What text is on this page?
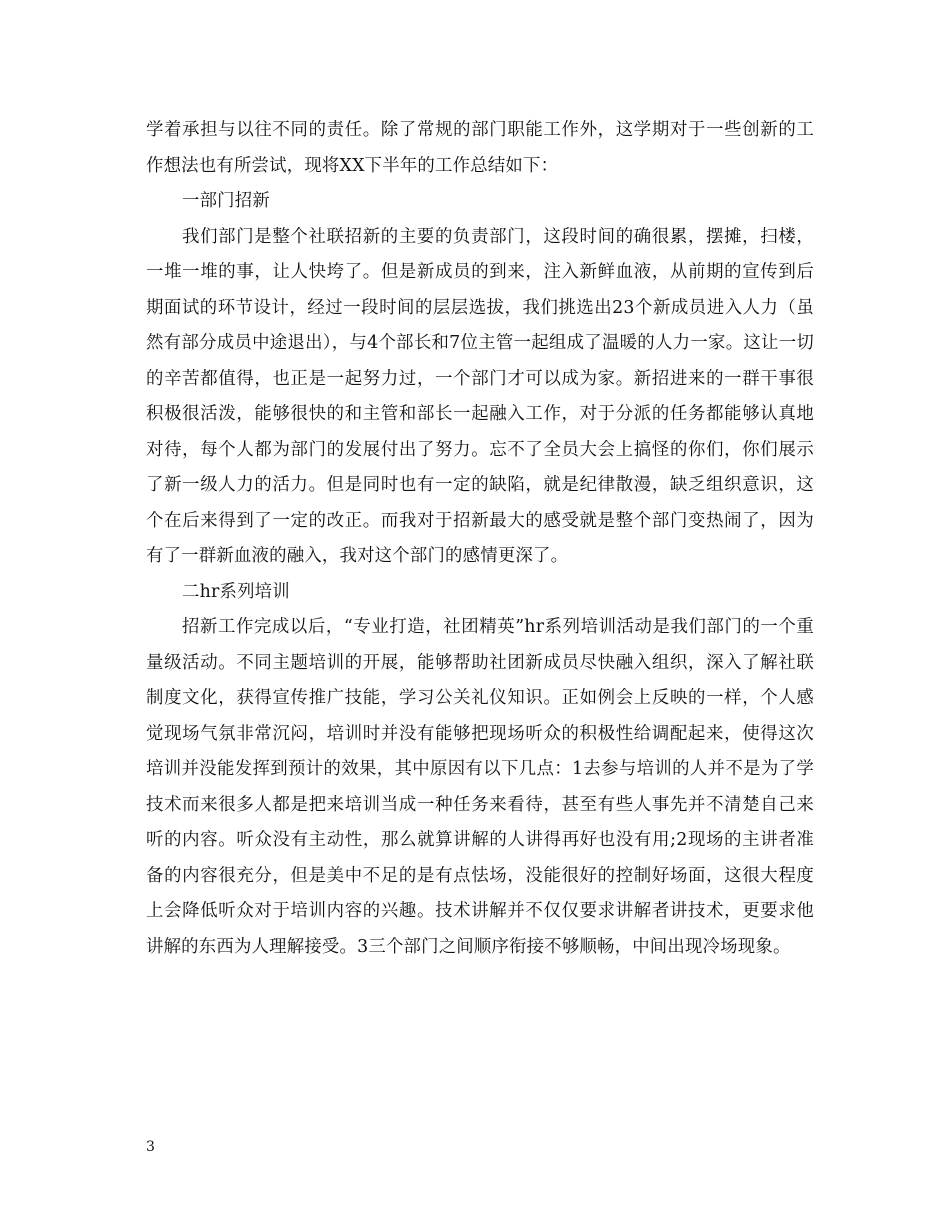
学着承担与以往不同的责任。除了常规的部门职能工作外，这学期对于一些创新的工作想法也有所尝试，现将XX下半年的工作总结如下：

一部门招新

我们部门是整个社联招新的主要的负责部门，这段时间的确很累，摆摊，扫楼，一堆一堆的事，让人快垮了。但是新成员的到来，注入新鲜血液，从前期的宣传到后期面试的环节设计，经过一段时间的层层选拔，我们挑选出23个新成员进入人力（虽然有部分成员中途退出），与4个部长和7位主管一起组成了温暖的人力一家。这让一切的辛苦都值得，也正是一起努力过，一个部门才可以成为家。新招进来的一群干事很积极很活泼，能够很快的和主管和部长一起融入工作，对于分派的任务都能够认真地对待，每个人都为部门的发展付出了努力。忘不了全员大会上搞怪的你们，你们展示了新一级人力的活力。但是同时也有一定的缺陷，就是纪律散漫，缺乏组织意识，这个在后来得到了一定的改正。而我对于招新最大的感受就是整个部门变热闹了，因为有了一群新血液的融入，我对这个部门的感情更深了。

二hr系列培训

招新工作完成以后，“专业打造，社团精英”hr系列培训活动是我们部门的一个重量级活动。不同主题培训的开展，能够帮助社团新成员尽快融入组织，深入了解社联制度文化，获得宣传推广技能，学习公关礼仪知识。正如例会上反映的一样，个人感觉现场气氛非常沉闷，培训时并没有能够把现场听众的积极性给调配起来，使得这次培训并没能发挥到预计的效果，其中原因有以下几点：1去参与培训的人并不是为了学技术而来很多人都是把来培训当成一种任务来看待，甚至有些人事先并不清楚自己来听的内容。听众没有主动性，那么就算讲解的人讲得再好也没有用;2现场的主讲者准备的内容很充分，但是美中不足的是有点怯场，没能很好的控制好场面，这很大程度上会降低听众对于培训内容的兴趣。技术讲解并不仅仅要求讲解者讲技术，更要求他讲解的东西为人理解接受。3三个部门之间顺序衔接不够顺畅，中间出现冷场现象。

3
